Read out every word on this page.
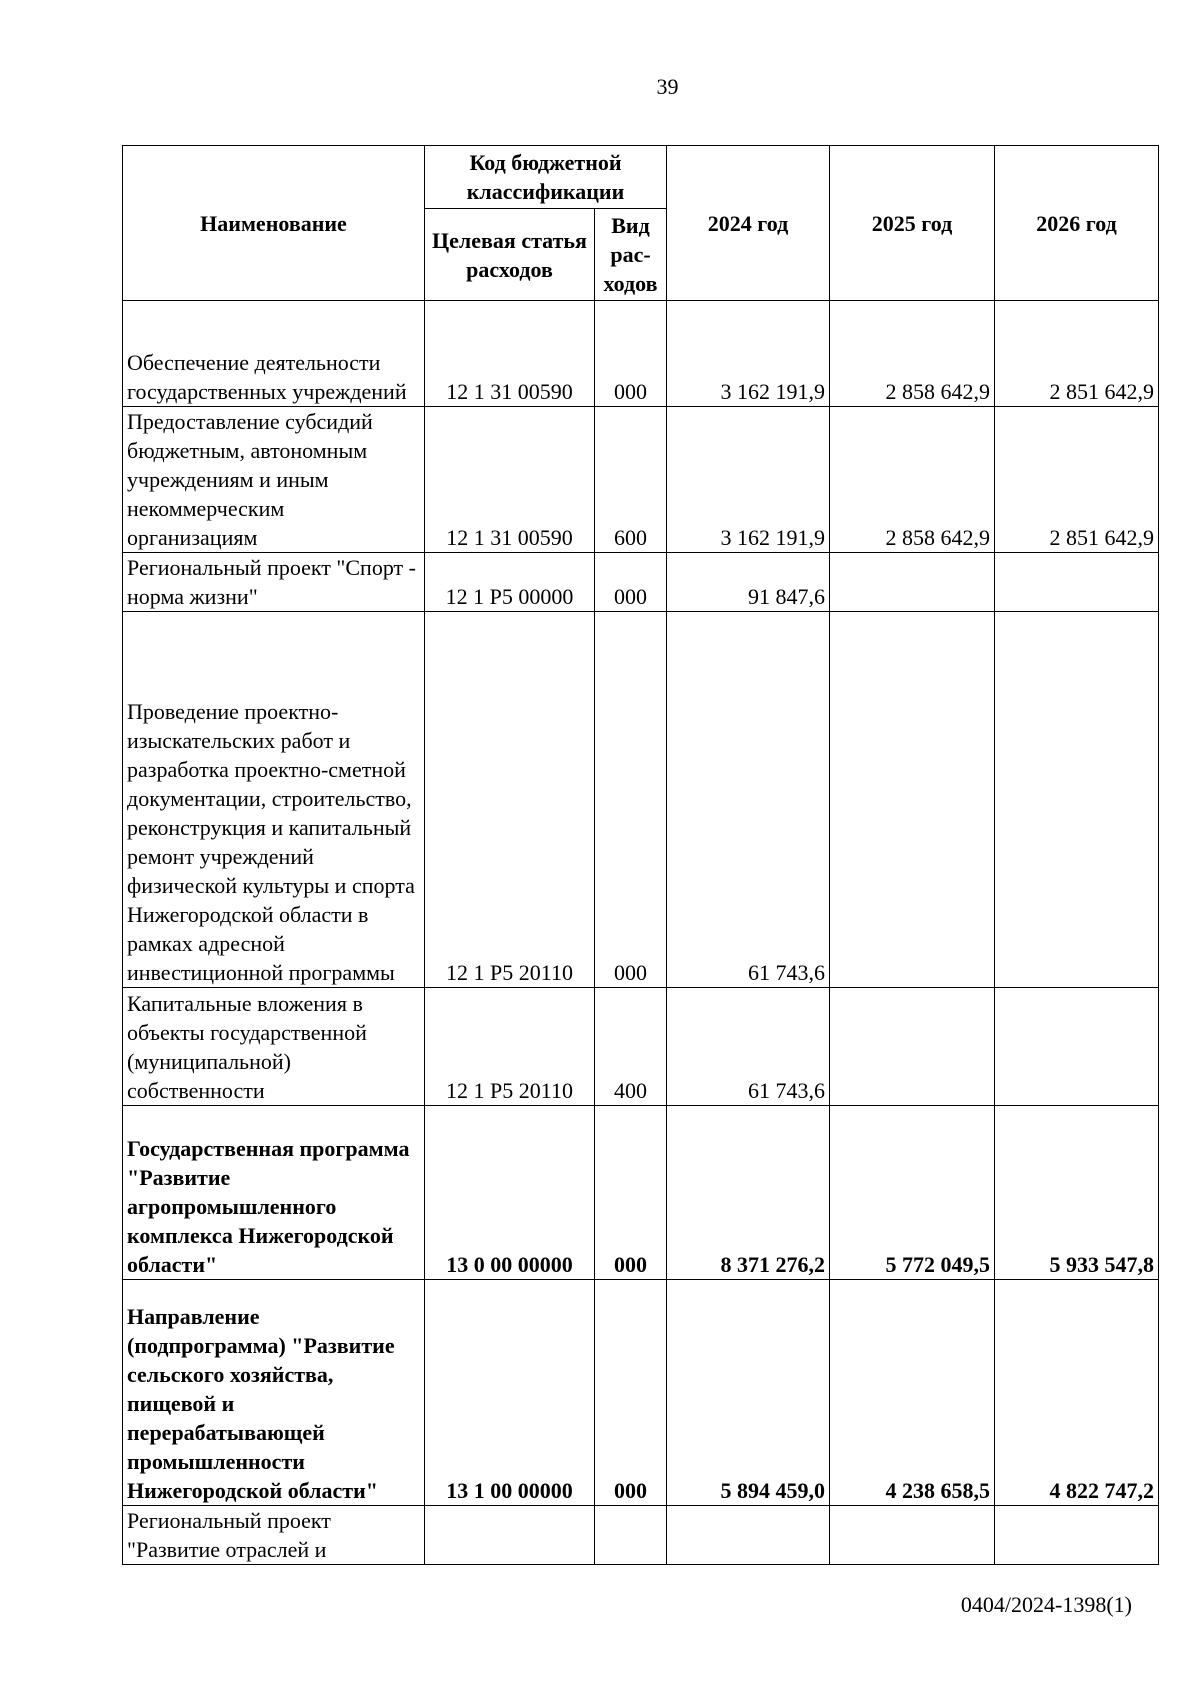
39
Наименование	Код бюджетной классификации		2024 год	2025 год	2026 год
	Целевая статья расходов	Вид рас-ходов			
Обеспечение деятельности государственных учреждений	12 1 31 00590	000	3 162 191,9	2 858 642,9	2 851 642,9
Предоставление субсидий бюджетным, автономным учреждениям и иным некоммерческим организациям	12 1 31 00590	600	3 162 191,9	2 858 642,9	2 851 642,9
Региональный проект "Спорт - норма жизни"	12 1 P5 00000	000	91 847,6		
Проведение проектно-изыскательских работ и разработка проектно-сметной документации, строительство, реконструкция и капитальный ремонт учреждений физической культуры и спорта Нижегородской области в рамках адресной инвестиционной программы	12 1 P5 20110	000	61 743,6		
Капитальные вложения в объекты государственной (муниципальной) собственности	12 1 P5 20110	400	61 743,6		
Государственная программа "Развитие агропромышленного комплекса Нижегородской области"	13 0 00 00000	000	8 371 276,2	5 772 049,5	5 933 547,8
Направление (подпрограмма) "Развитие сельского хозяйства, пищевой и перерабатывающей промышленности Нижегородской области"	13 1 00 00000	000	5 894 459,0	4 238 658,5	4 822 747,2
Региональный проект "Развитие отраслей и					
0404/2024-1398(1)
